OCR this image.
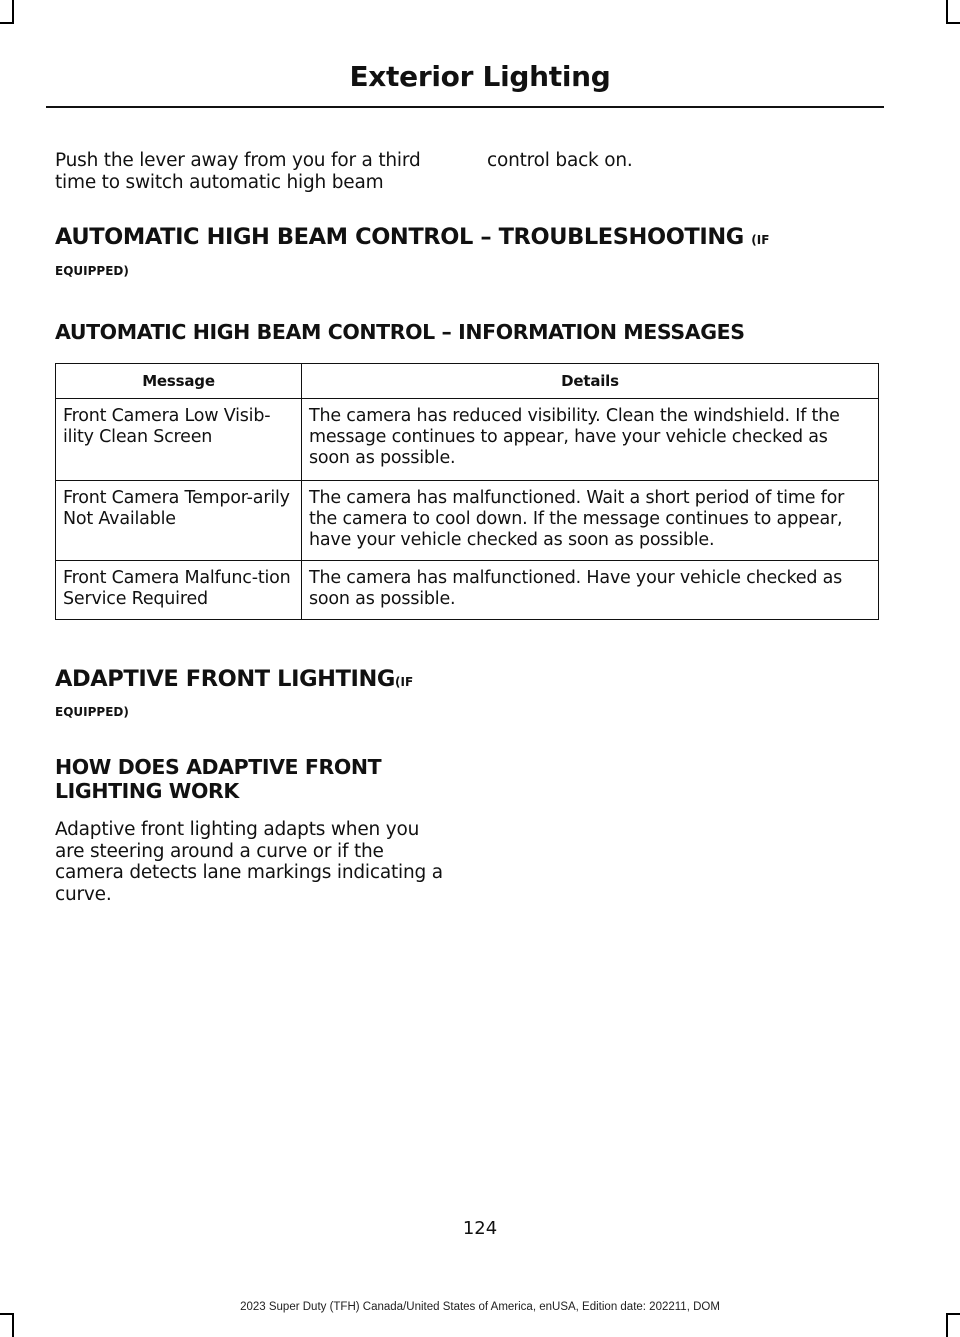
Exterior Lighting

Push the lever away from you for a third time to switch automatic high beam

control back on.

AUTOMATIC HIGH BEAM CONTROL – TROUBLESHOOTING (IF

EQUIPPED)

AUTOMATIC HIGH BEAM CONTROL – INFORMATION MESSAGES
Message	Details
Front Camera Low Visib-ility Clean Screen	The camera has reduced visibility. Clean the windshield. If the message continues to appear, have your vehicle checked as soon as possible.
Front Camera Tempor-arily Not Available	The camera has malfunctioned. Wait a short period of time for the camera to cool down. If the message continues to appear, have your vehicle checked as soon as possible.
Front Camera Malfunc-tion Service Required	The camera has malfunctioned. Have your vehicle checked as soon as possible.
ADAPTIVE FRONT LIGHTING(IF

EQUIPPED)

HOW DOES ADAPTIVE FRONT LIGHTING WORK

Adaptive front lighting adapts when you are steering around a curve or if the camera detects lane markings indicating a curve.

124
2023 Super Duty (TFH) Canada/United States of America, enUSA, Edition date: 202211, DOM
